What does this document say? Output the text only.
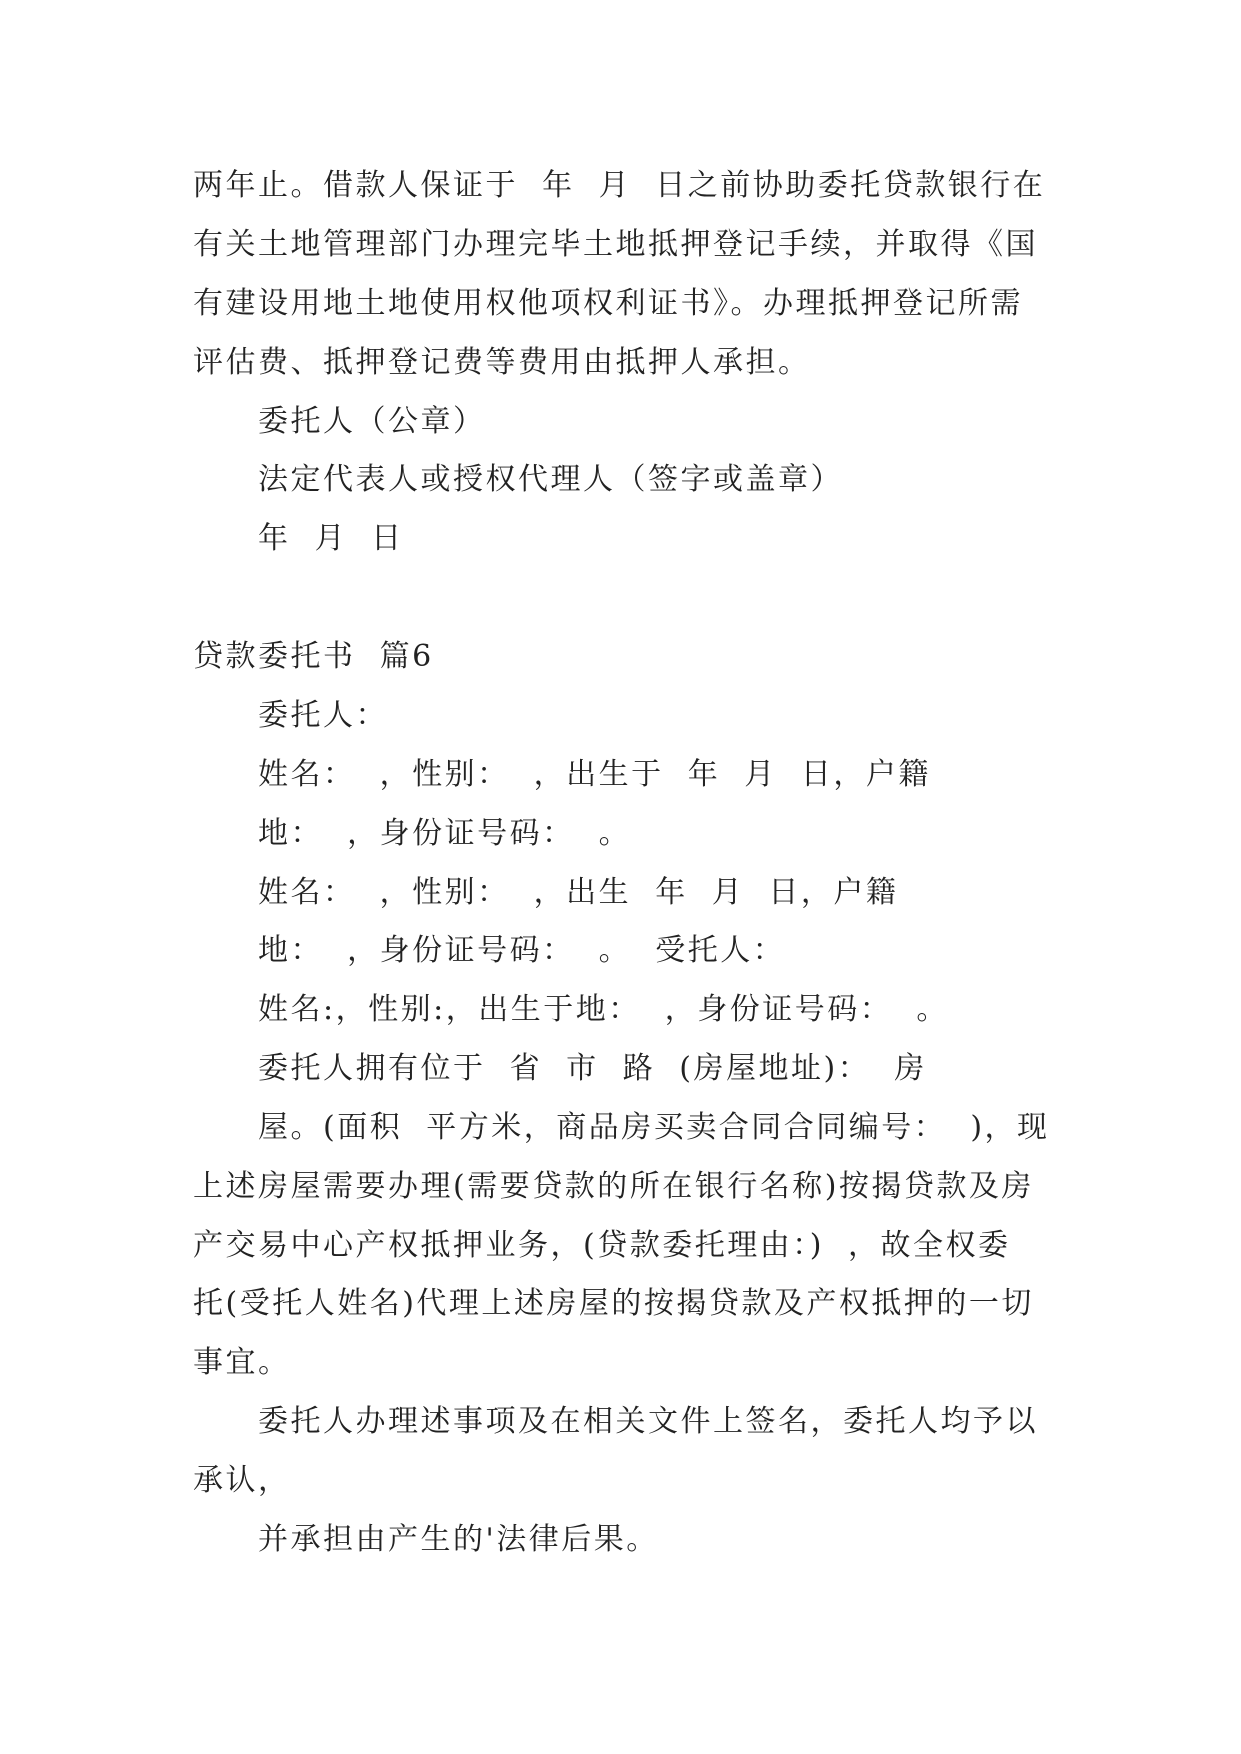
两年止。借款人保证于  年  月  日之前协助委托贷款银行在
有关土地管理部门办理完毕土地抵押登记手续，并取得《国
有建设用地土地使用权他项权利证书》。办理抵押登记所需
评估费、抵押登记费等费用由抵押人承担。
委托人（公章）
法定代表人或授权代理人（签字或盖章）
年  月  日
贷款委托书  篇6
委托人：
姓名：  ，性别：  ，出生于  年  月  日，户籍
地：  ，身份证号码：  。
姓名：  ，性别：  ，出生  年  月  日，户籍
地：  ，身份证号码：  。  受托人：
姓名:，性别:，出生于地：  ，身份证号码：  。
委托人拥有位于  省  市  路  (房屋地址)：  房
屋。(面积  平方米，商品房买卖合同合同编号：  )，现
上述房屋需要办理(需要贷款的所在银行名称)按揭贷款及房
产交易中心产权抵押业务，(贷款委托理由：)  ，故全权委
托(受托人姓名)代理上述房屋的按揭贷款及产权抵押的一切
事宜。
委托人办理述事项及在相关文件上签名，委托人均予以
承认，
并承担由产生的'法律后果。
